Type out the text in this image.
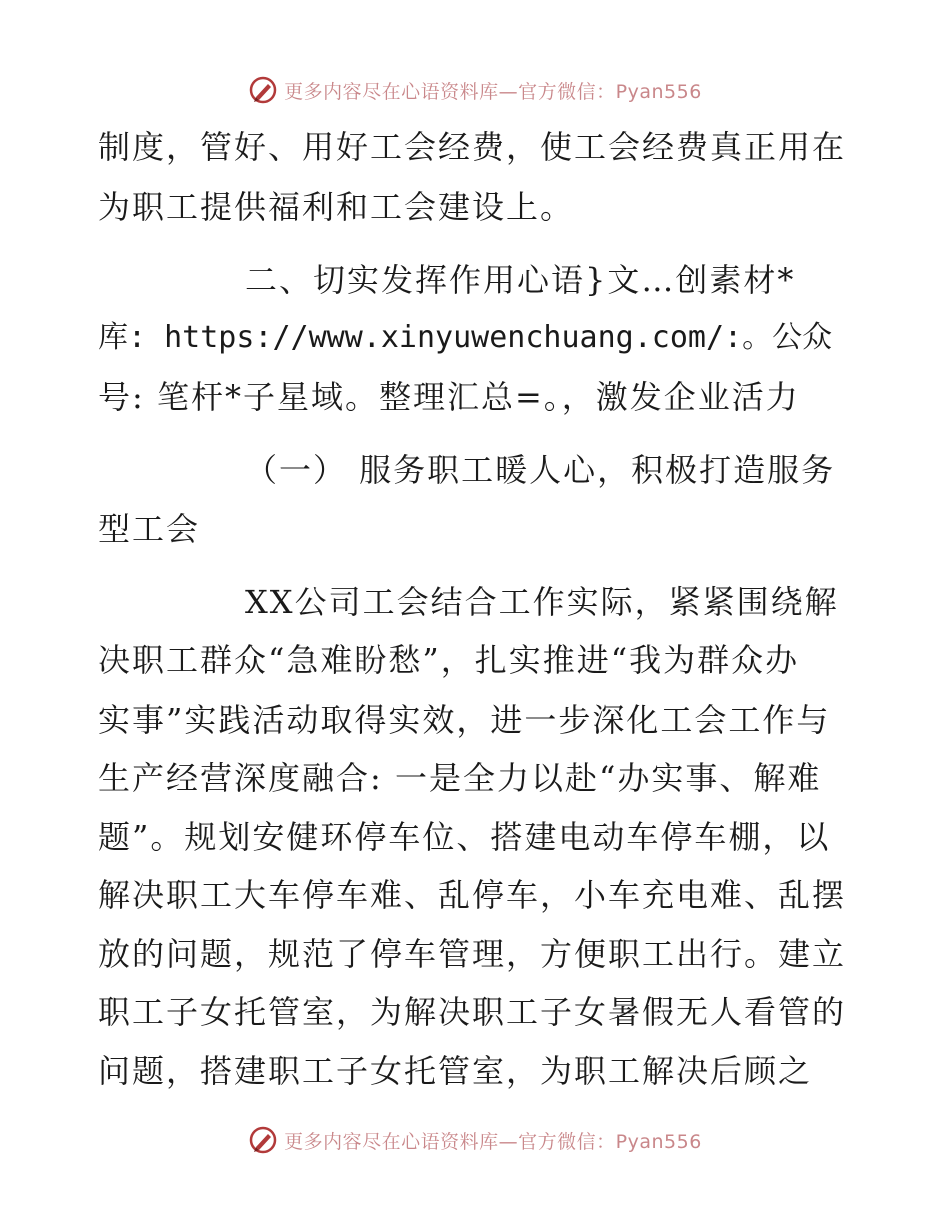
更多内容尽在心语资料库—官方微信：Pyan556
制度，管好、用好工会经费，使工会经费真正用在
为职工提供福利和工会建设上。
二、切实发挥作用心语}文…创素材*
库: https://www.xinyuwenchuang.com/:。公众
号: 笔杆*子星域。整理汇总=。，激发企业活力
（一） 服务职工暖人心，积极打造服务
型工会
XX公司工会结合工作实际，紧紧围绕解
决职工群众“急难盼愁”，扎实推进“我为群众办
实事”实践活动取得实效，进一步深化工会工作与
生产经营深度融合: 一是全力以赴“办实事、解难
题”。规划安健环停车位、搭建电动车停车棚，以
解决职工大车停车难、乱停车，小车充电难、乱摆
放的问题，规范了停车管理，方便职工出行。建立
职工子女托管室，为解决职工子女暑假无人看管的
问题，搭建职工子女托管室，为职工解决后顾之
更多内容尽在心语资料库—官方微信：Pyan556
